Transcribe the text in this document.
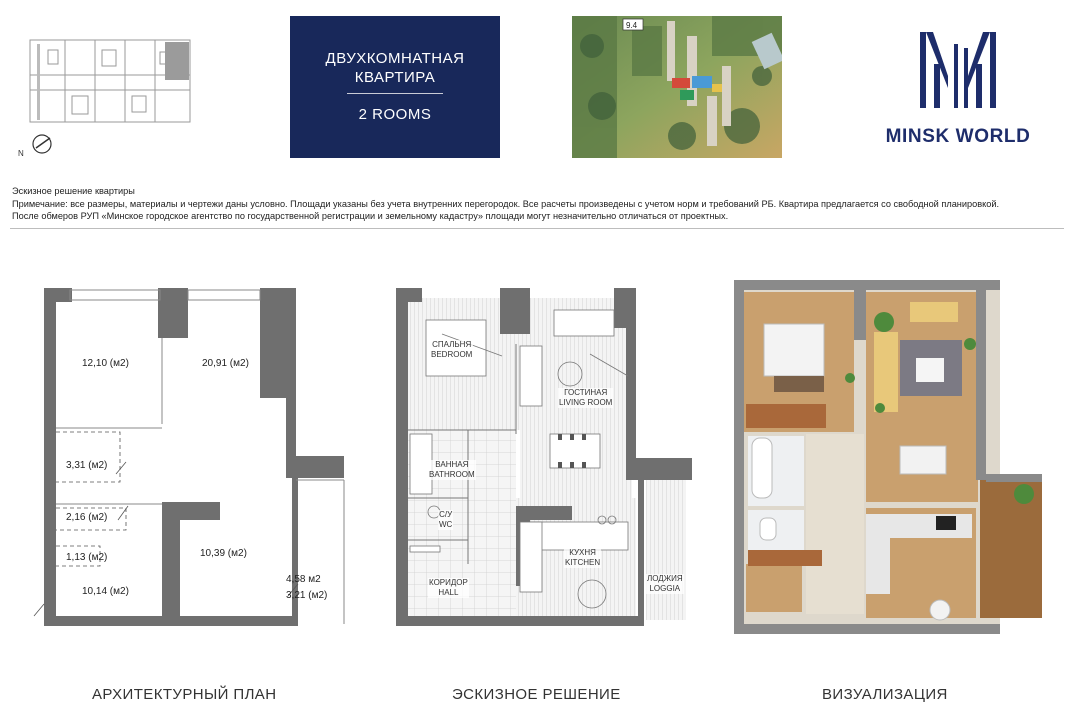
N
ДВУХКОМНАТНАЯ
КВАРТИРА
2 ROOMS
9.4
MINSK WORLD
Эскизное решение квартиры
Примечание: все размеры, материалы и чертежи даны условно. Площади указаны без учета внутренних перегородок. Все расчеты произведены с учетом норм и требований РБ. Квартира предлагается со свободной планировкой.
После обмеров РУП «Минское городское агентство по государственной регистрации и земельному кадастру» площади могут незначительно отличаться от проектных.
12,10 (м2)	20,91 (м2)
3,31 (м2)
2,16 (м2)
1,13 (м2)
10,14 (м2)
10,39 (м2)
4,58 м2
3,21 (м2)
СПАЛЬНЯ
BEDROOM
ГОСТИНАЯ
LIVING ROOM
ВАННАЯ
BATHROOM
С/У
WC
КУХНЯ
KITCHEN
КОРИДОР
HALL
ЛОДЖИЯ
LOGGIA
АРХИТЕКТУРНЫЙ ПЛАН	ЭСКИЗНОЕ РЕШЕНИЕ	ВИЗУАЛИЗАЦИЯ
